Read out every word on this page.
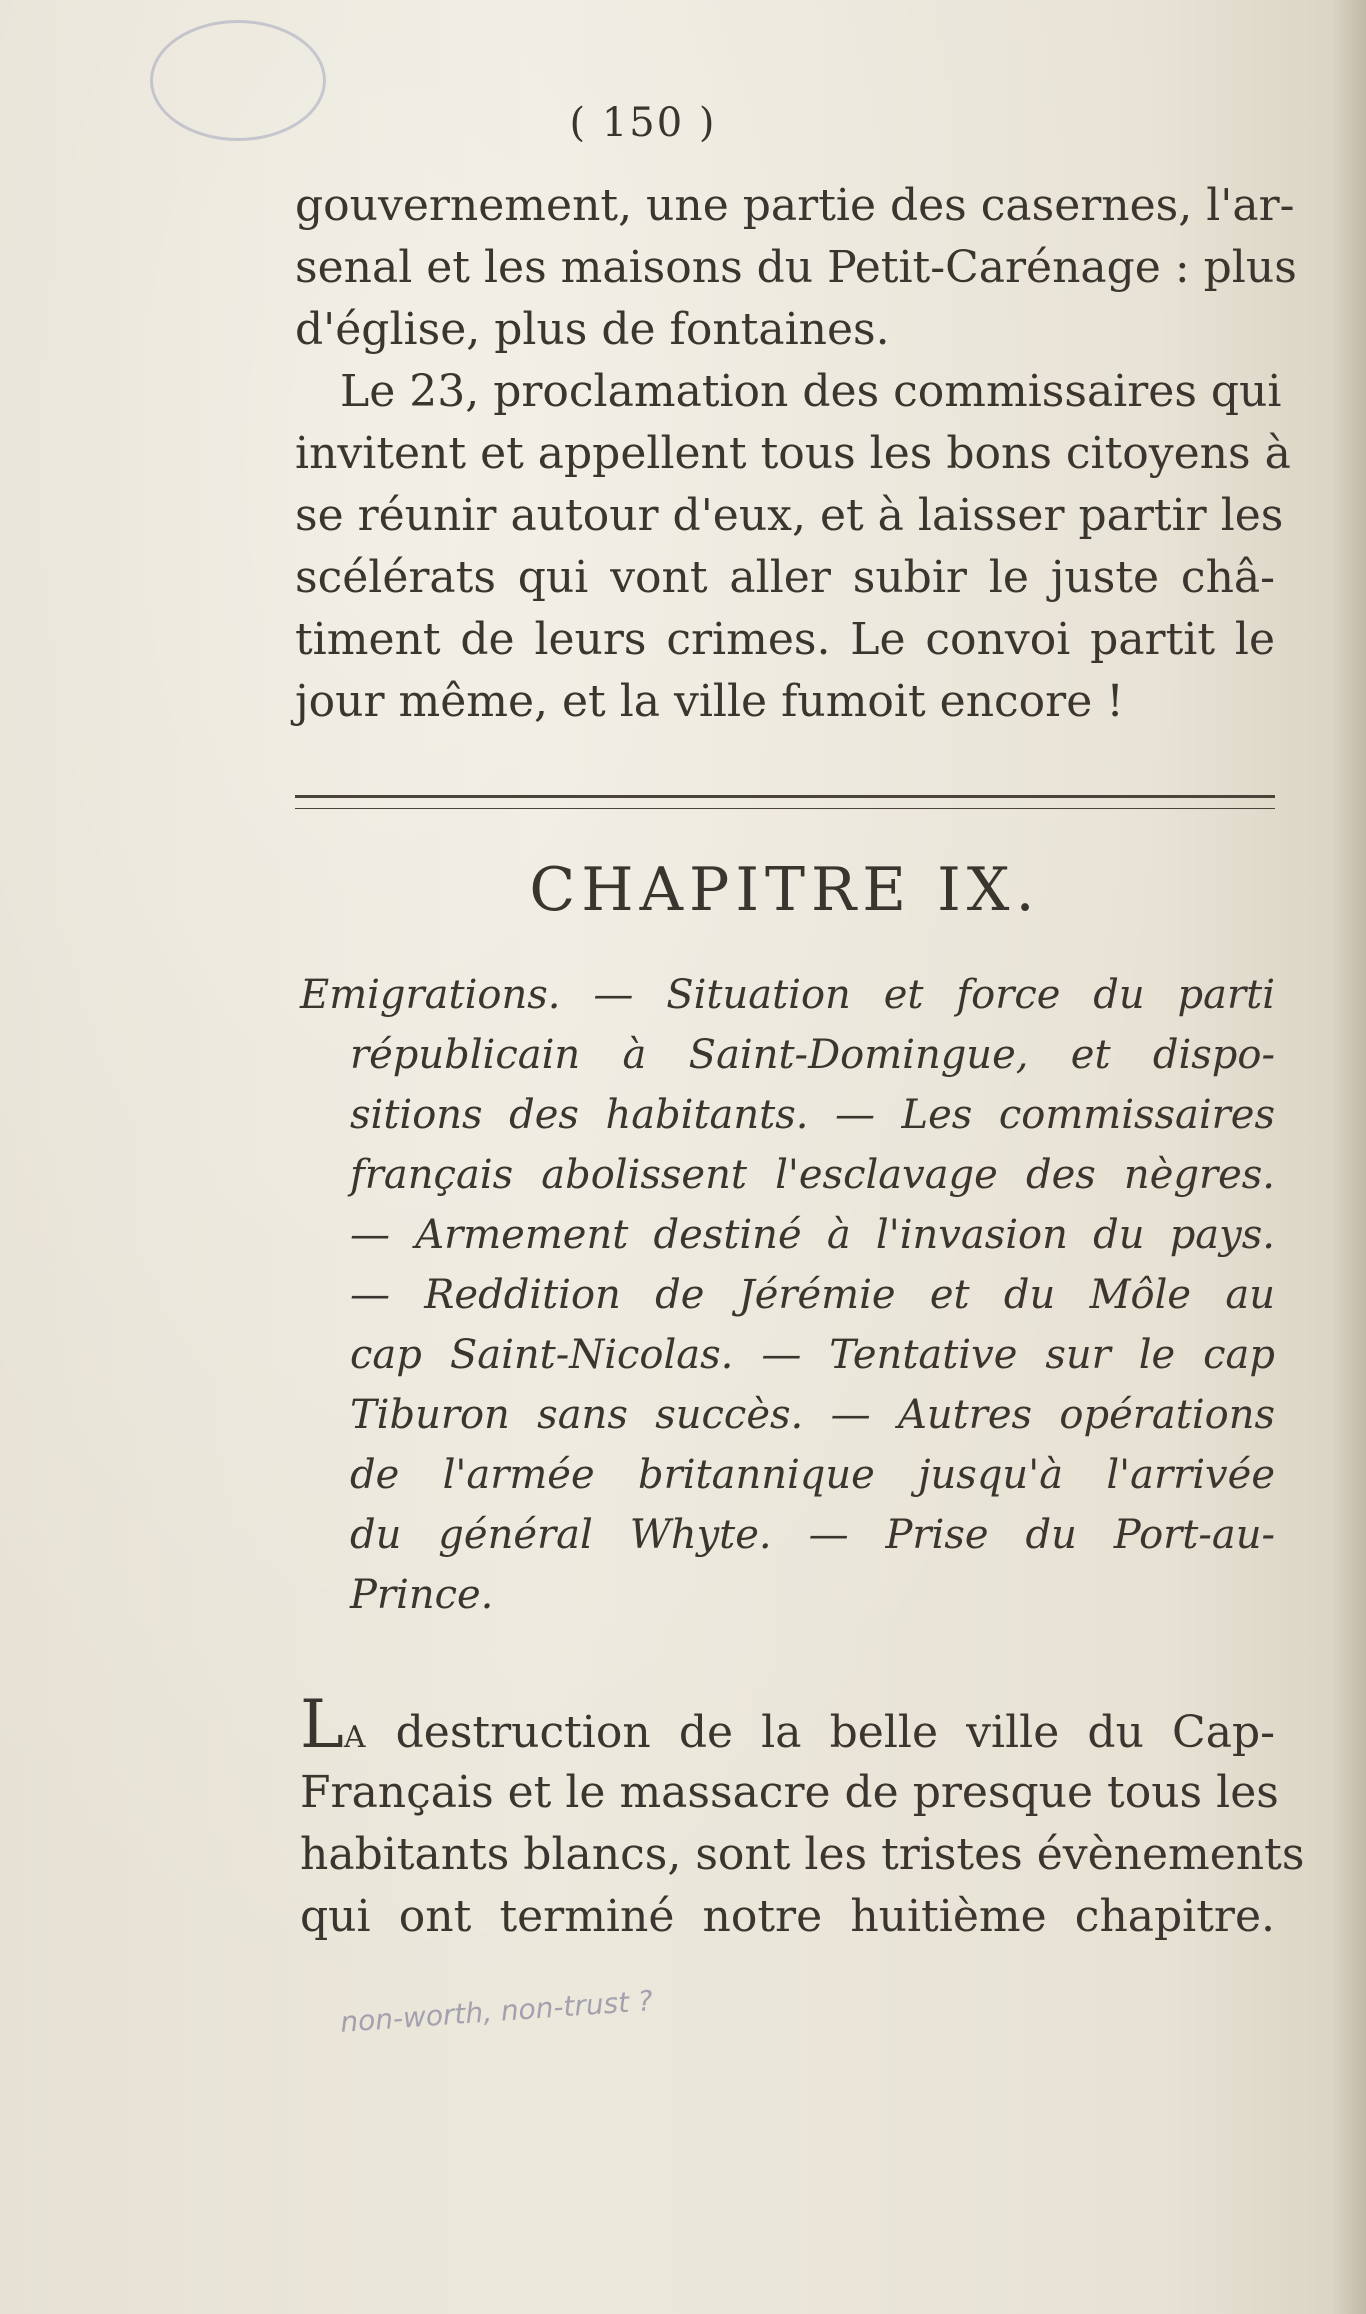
( 150 )
gouvernement, une partie des casernes, l'ar-
senal et les maisons du Petit-Carénage : plus
d'église, plus de fontaines.
Le 23, proclamation des commissaires qui
invitent et appellent tous les bons citoyens à
se réunir autour d'eux, et à laisser partir les
scélérats qui vont aller subir le juste châ-
timent de leurs crimes. Le convoi partit le
jour même, et la ville fumoit encore !
CHAPITRE IX.
Emigrations. — Situation et force du parti
républicain à Saint-Domingue, et dispo-
sitions des habitants. — Les commissaires
français abolissent l'esclavage des nègres.
— Armement destiné à l'invasion du pays.
— Reddition de Jérémie et du Môle au
cap Saint-Nicolas. — Tentative sur le cap
Tiburon sans succès. — Autres opérations
de l'armée britannique jusqu'à l'arrivée
du général Whyte. — Prise du Port-au-
Prince.
LA destruction de la belle ville du Cap-
Français et le massacre de presque tous les
habitants blancs, sont les tristes évènements
qui ont terminé notre huitième chapitre.
non-worth, non-trust ?
